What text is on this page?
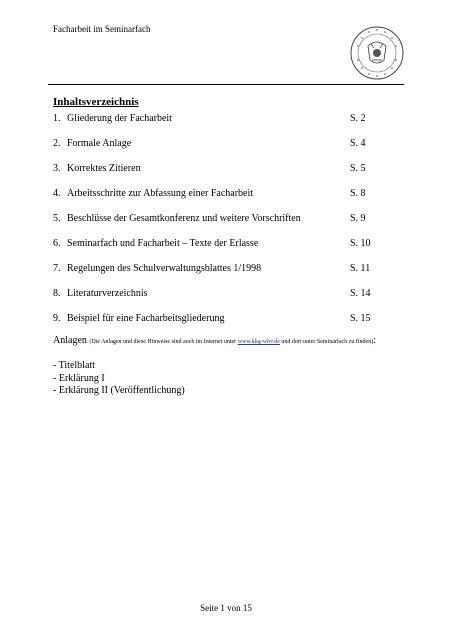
Facharbeit im Seminarfach
Inhaltsverzeichnis
1. Gliederung der Facharbeit	S. 2
2. Formale Anlage	S. 4
3. Korrektes Zitieren	S. 5
4. Arbeitsschritte zur Abfassung einer Facharbeit	S. 8
5. Beschlüsse der Gesamtkonferenz und weitere Vorschriften	S. 9
6. Seminarfach und Facharbeit – Texte der Erlasse	S. 10
7. Regelungen des Schulverwaltungsblattes 1/1998	S. 11
8. Literaturverzeichnis	S. 14
9. Beispiel für eine Facharbeitsgliederung	S. 15
Anlagen (Die Anlagen und diese Hinweise sind auch im Internet unter www.kkg-whv.de und dort unter Seminarfach zu finden):
- Titelblatt
- Erklärung I
- Erklärung II (Veröffentlichung)
Seite 1 von 15
